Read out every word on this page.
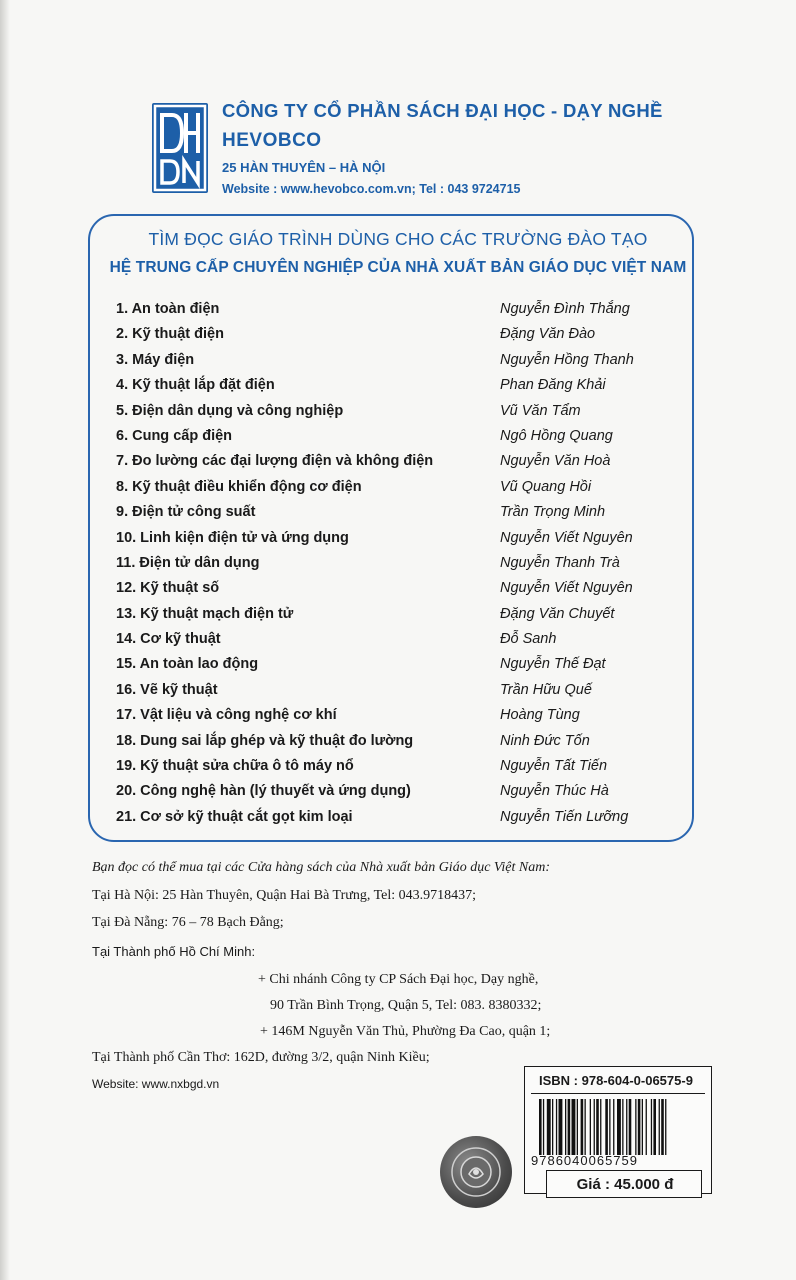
CÔNG TY CỔ PHẦN SÁCH ĐẠI HỌC - DẠY NGHỀ
HEVOBCO
25 HÀN THUYÊN – HÀ NỘI
Website : www.hevobco.com.vn; Tel : 043 9724715
TÌM ĐỌC GIÁO TRÌNH DÙNG CHO CÁC TRƯỜNG ĐÀO TẠO
HỆ TRUNG CẤP CHUYÊN NGHIỆP CỦA NHÀ XUẤT BẢN GIÁO DỤC VIỆT NAM
1. An toàn điện	Nguyễn Đình Thắng
2. Kỹ thuật điện	Đặng Văn Đào
3. Máy điện	Nguyễn Hồng Thanh
4. Kỹ thuật lắp đặt điện	Phan Đăng Khải
5. Điện dân dụng và công nghiệp	Vũ Văn Tẩm
6. Cung cấp điện	Ngô Hồng Quang
7. Đo lường các đại lượng điện và không điện	Nguyễn Văn Hoà
8. Kỹ thuật điều khiển động cơ điện	Vũ Quang Hồi
9. Điện tử công suất	Trần Trọng Minh
10. Linh kiện điện tử và ứng dụng	Nguyễn Viết Nguyên
11. Điện tử dân dụng	Nguyễn Thanh Trà
12. Kỹ thuật số	Nguyễn Viết Nguyên
13. Kỹ thuật mạch điện tử	Đặng Văn Chuyết
14. Cơ kỹ thuật	Đỗ Sanh
15. An toàn lao động	Nguyễn Thế Đạt
16. Vẽ kỹ thuật	Trần Hữu Quế
17. Vật liệu và công nghệ cơ khí	Hoàng Tùng
18. Dung sai lắp ghép và kỹ thuật đo lường	Ninh Đức Tốn
19. Kỹ thuật sửa chữa ô tô máy nổ	Nguyễn Tất Tiến
20. Công nghệ hàn (lý thuyết và ứng dụng)	Nguyễn Thúc Hà
21. Cơ sở kỹ thuật cắt gọt kim loại	Nguyễn Tiến Lưỡng
Bạn đọc có thể mua tại các Cửa hàng sách của Nhà xuất bản Giáo dục Việt Nam:
Tại Hà Nội: 25 Hàn Thuyên, Quận Hai Bà Trưng, Tel: 043.9718437;
Tại Đà Nẵng: 76 – 78 Bạch Đằng;
Tại Thành phố Hồ Chí Minh:
+ Chi nhánh Công ty CP Sách Đại học, Dạy nghề,
90 Trần Bình Trọng, Quận 5, Tel: 083. 8380332;
+ 146M Nguyễn Văn Thủ, Phường Đa Cao, quận 1;
Tại Thành phố Cần Thơ: 162D, đường 3/2, quận Ninh Kiều;
Website: www.nxbgd.vn	ISBN : 978-604-0-06575-9
9786040065759
Giá : 45.000 đ
